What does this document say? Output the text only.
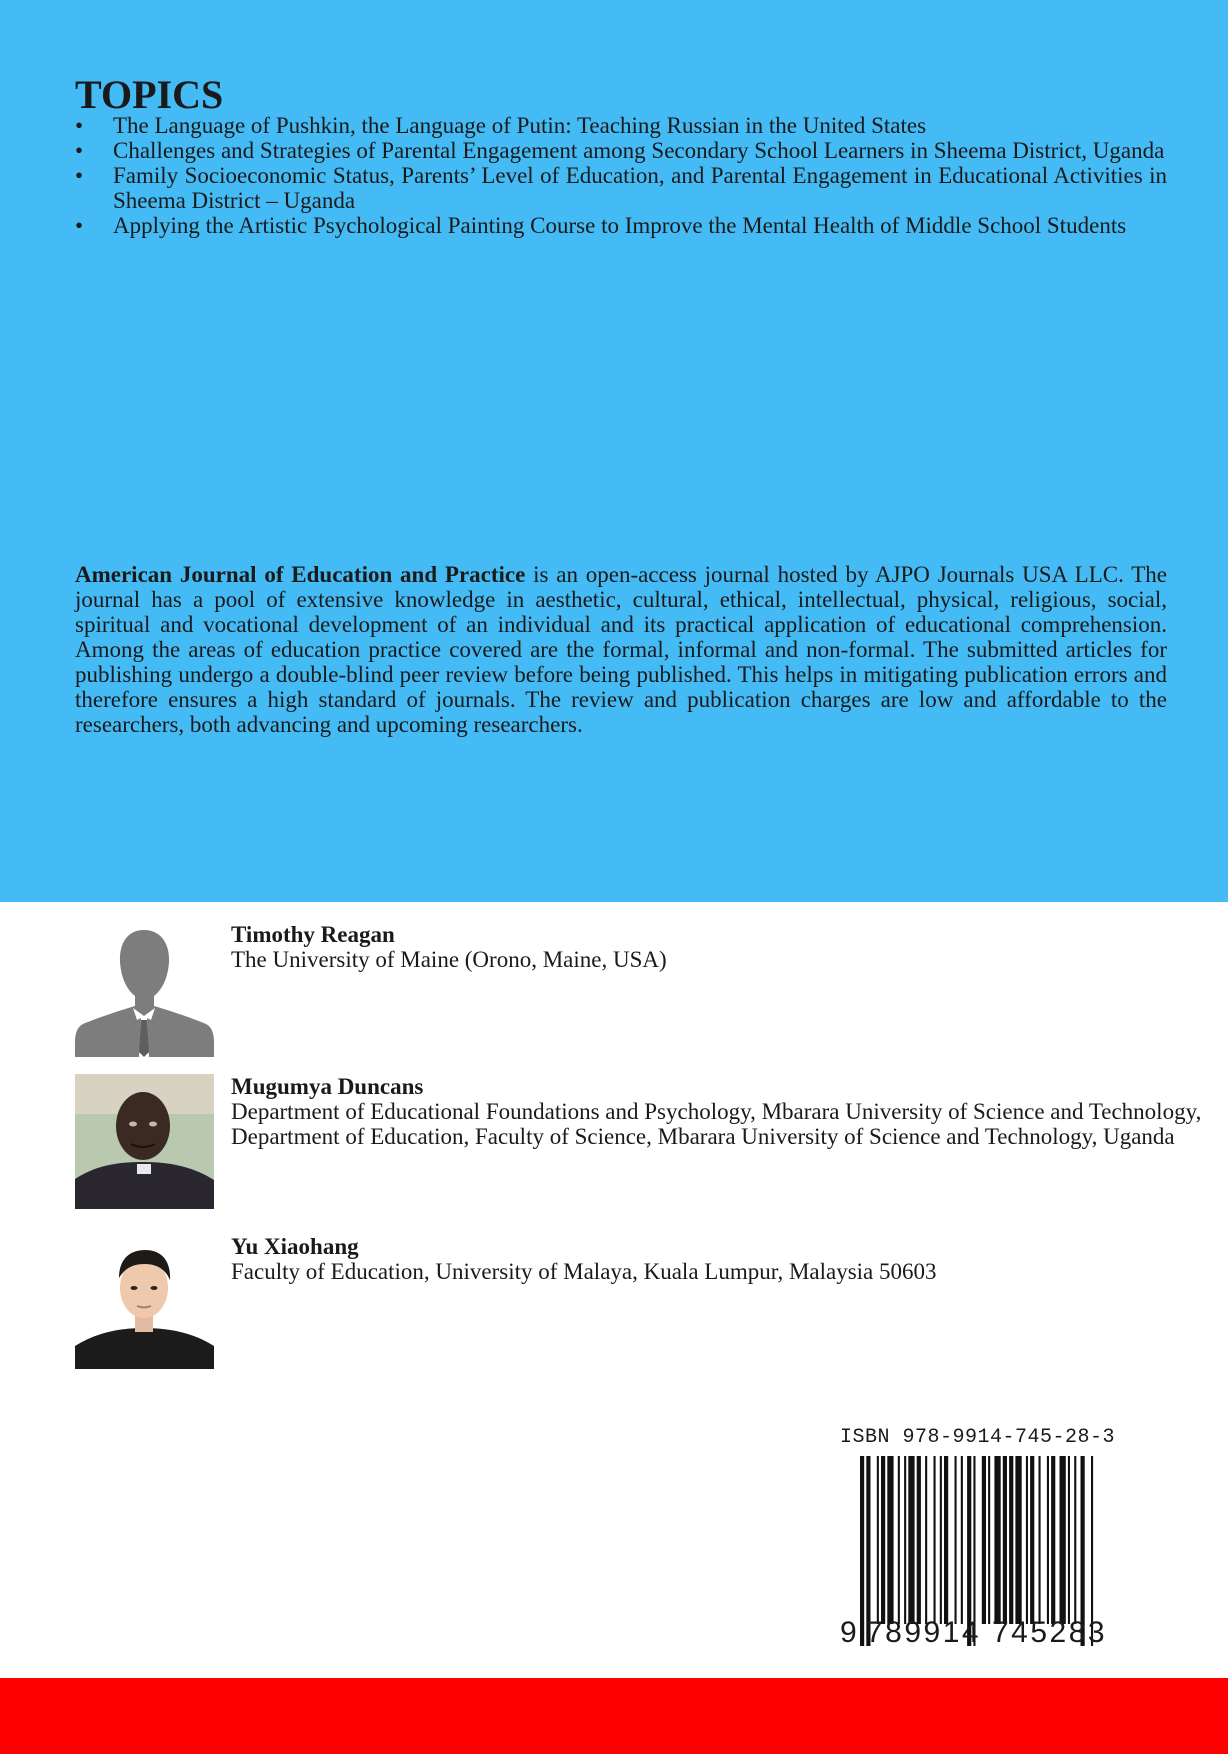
TOPICS
• The Language of Pushkin, the Language of Putin: Teaching Russian in the United States
• Challenges and Strategies of Parental Engagement among Secondary School Learners in Sheema District, Uganda
• Family Socioeconomic Status, Parents’ Level of Education, and Parental Engagement in Educational Activities in Sheema District – Uganda
• Applying the Artistic Psychological Painting Course to Improve the Mental Health of Middle School Students

American Journal of Education and Practice is an open-access journal hosted by AJPO Journals USA LLC. The journal has a pool of extensive knowledge in aesthetic, cultural, ethical, intellectual, physical, religious, social, spiritual and vocational development of an individual and its practical application of educational comprehension. Among the areas of education practice covered are the formal, informal and non-formal. The submitted articles for publishing undergo a double-blind peer review before being published. This helps in mitigating publication errors and therefore ensures a high standard of journals. The review and publication charges are low and affordable to the researchers, both advancing and upcoming researchers.

Timothy Reagan
The University of Maine (Orono, Maine, USA)
Mugumya Duncans
Department of Educational Foundations and Psychology, Mbarara University of Science and Technology, Department of Education, Faculty of Science, Mbarara University of Science and Technology, Uganda
Yu Xiaohang
Faculty of Education, University of Malaya, Kuala Lumpur, Malaysia 50603
ISBN 978-9914-745-28-3
9 789914 745283
